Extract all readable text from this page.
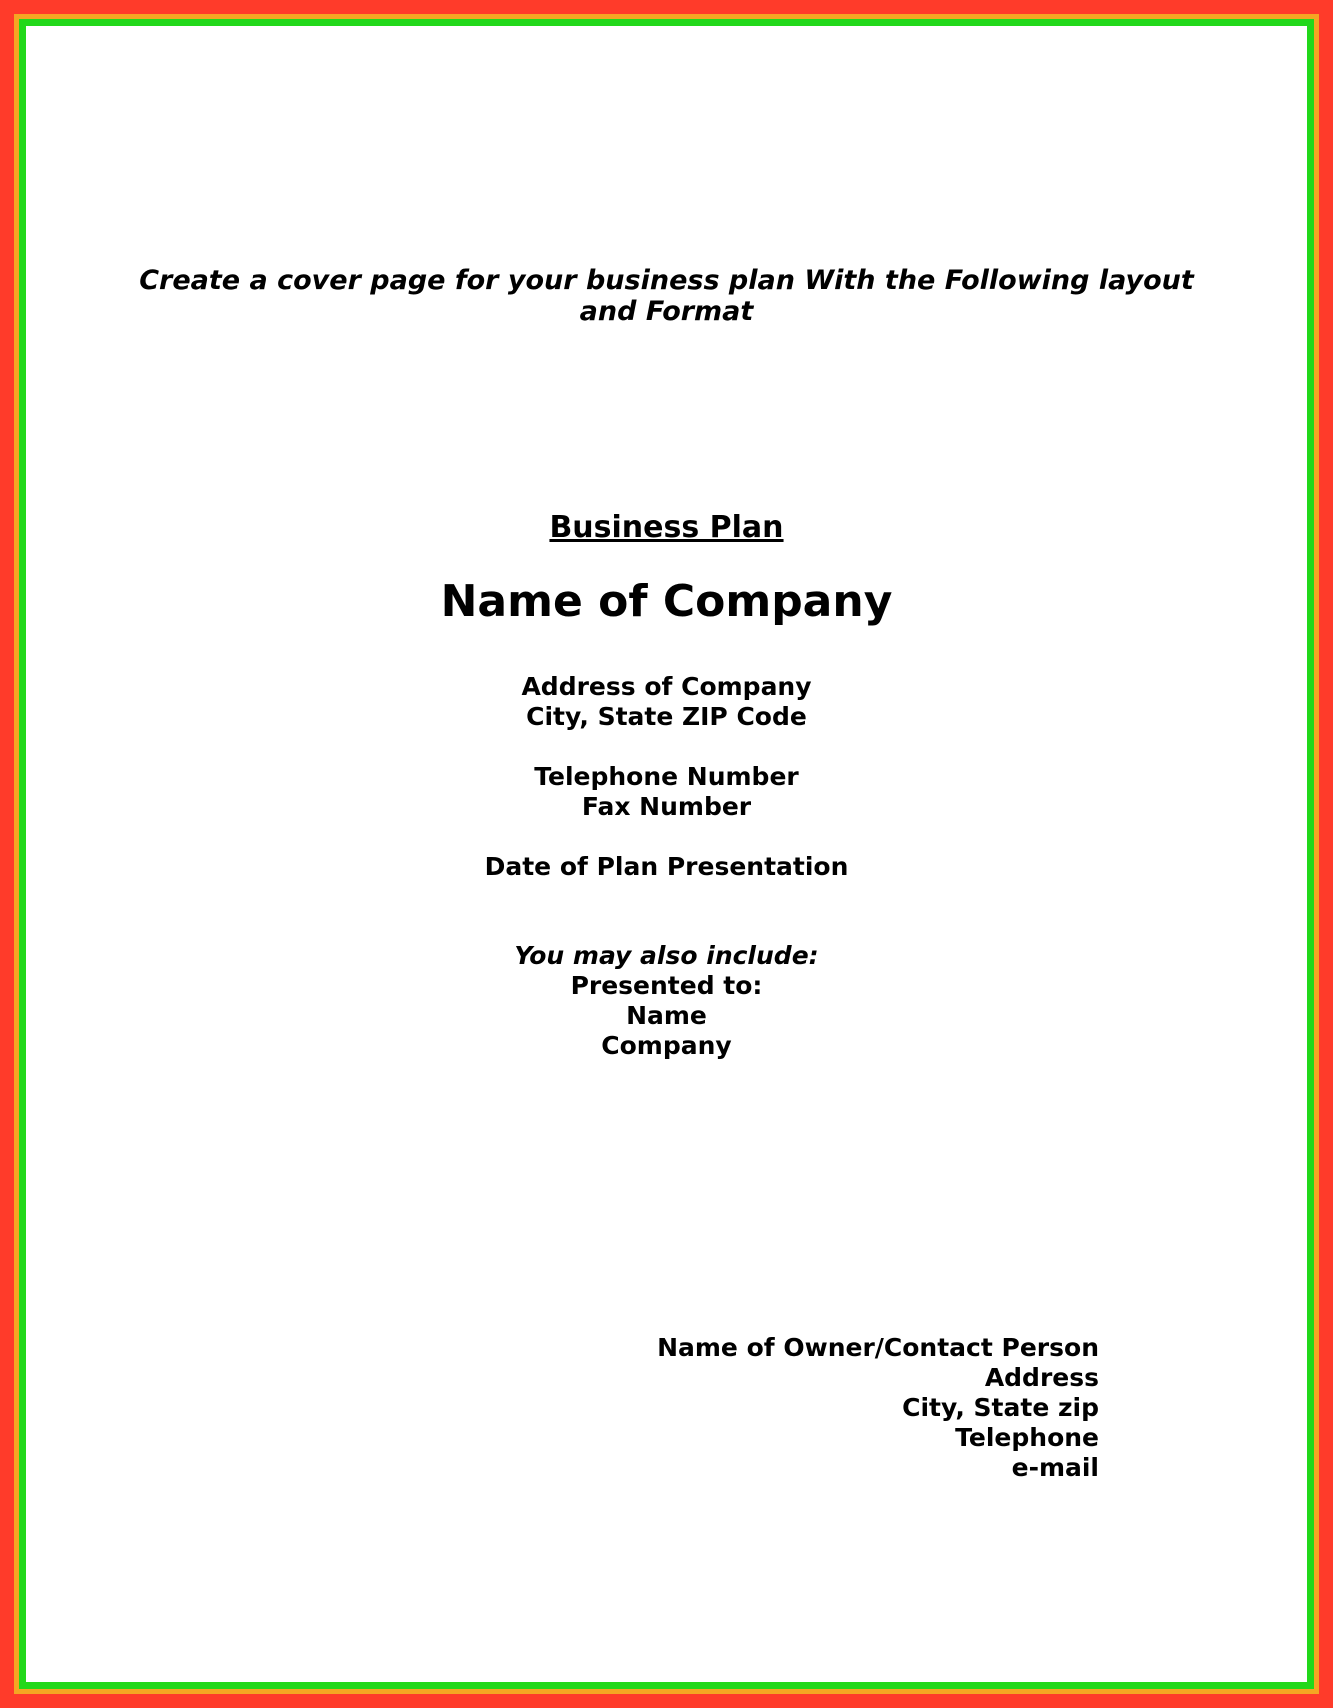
Create a cover page for your business plan With the Following layout
and Format
Business Plan
Name of Company
Address of Company
City, State ZIP Code
Telephone Number
Fax Number
Date of Plan Presentation
You may also include:
Presented to:
Name
Company
Name of Owner/Contact Person
Address
City, State zip
Telephone
e-mail
